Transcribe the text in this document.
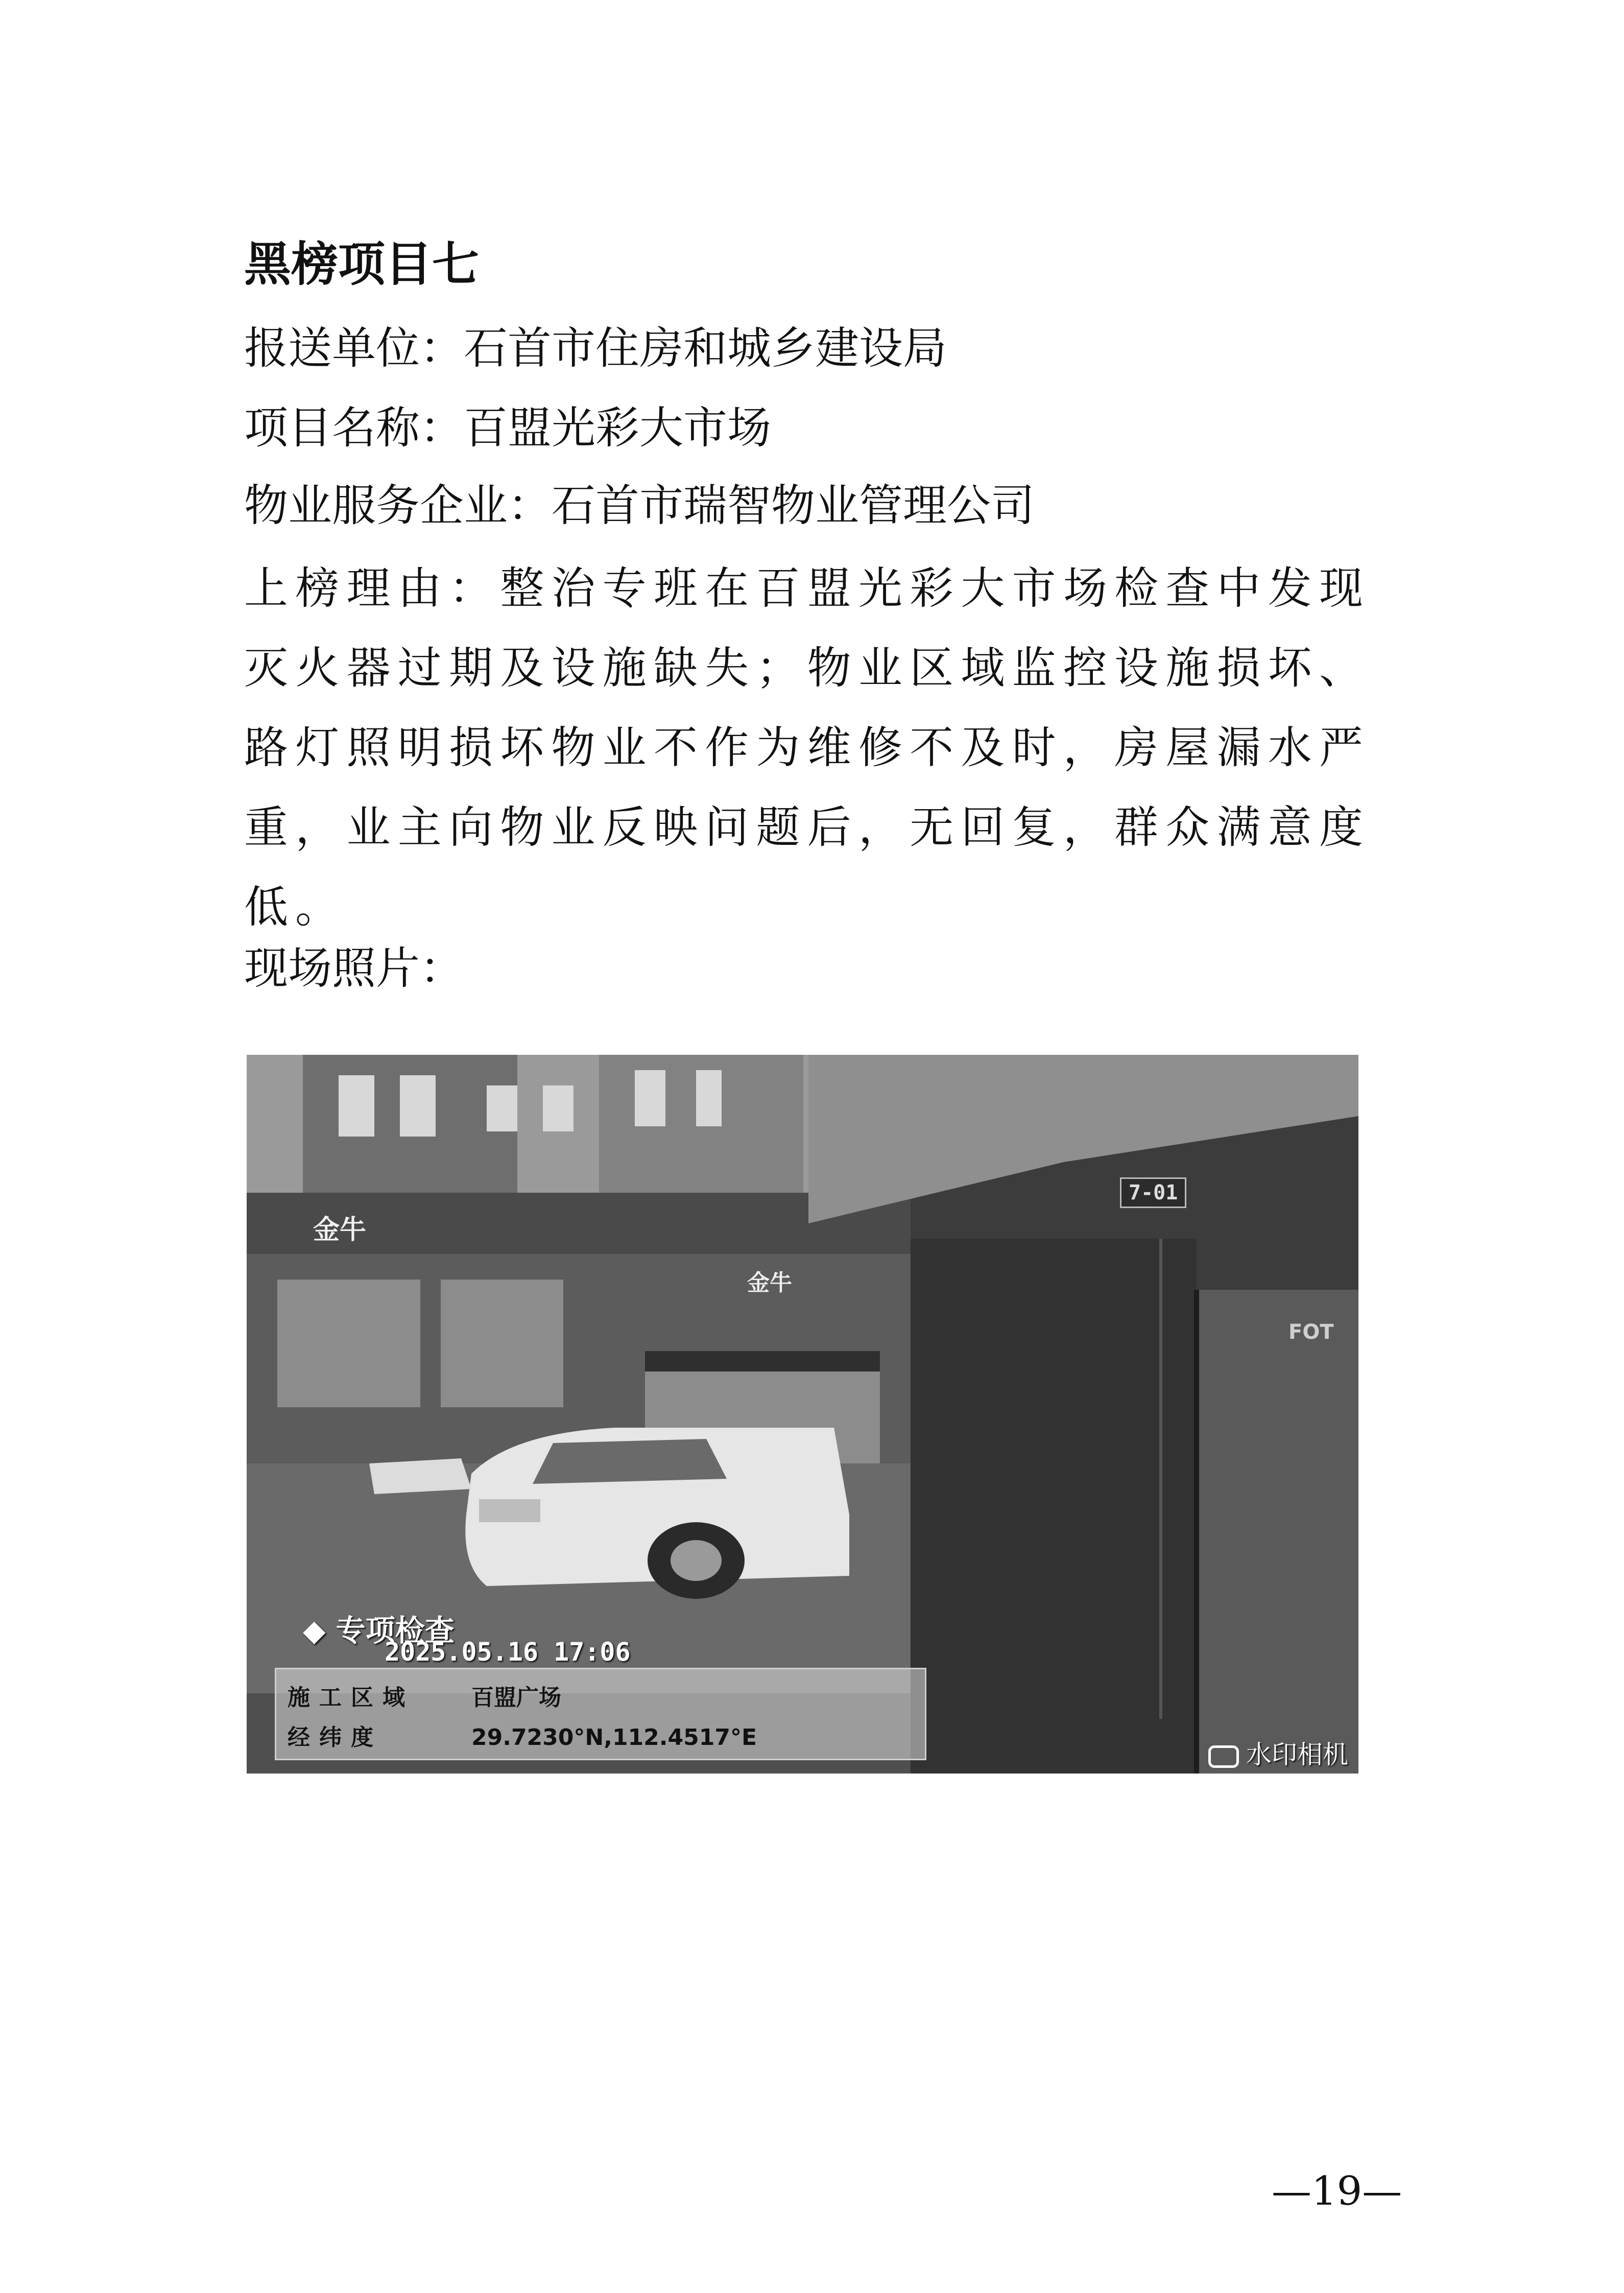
黑榜项目七
报送单位：石首市住房和城乡建设局
项目名称：百盟光彩大市场
物业服务企业：石首市瑞智物业管理公司
上榜理由：整治专班在百盟光彩大市场检查中发现灭火器过期及设施缺失；物业区域监控设施损坏、路灯照明损坏物业不作为维修不及时，房屋漏水严重，业主向物业反映问题后，无回复，群众满意度低。
现场照片：
金牛
金牛
FOT
7-01
◆ 专项检查
2025.05.16 17:06
施工区域	百盟广场
经纬度	29.7230°N,112.4517°E
水印相机
—19—
